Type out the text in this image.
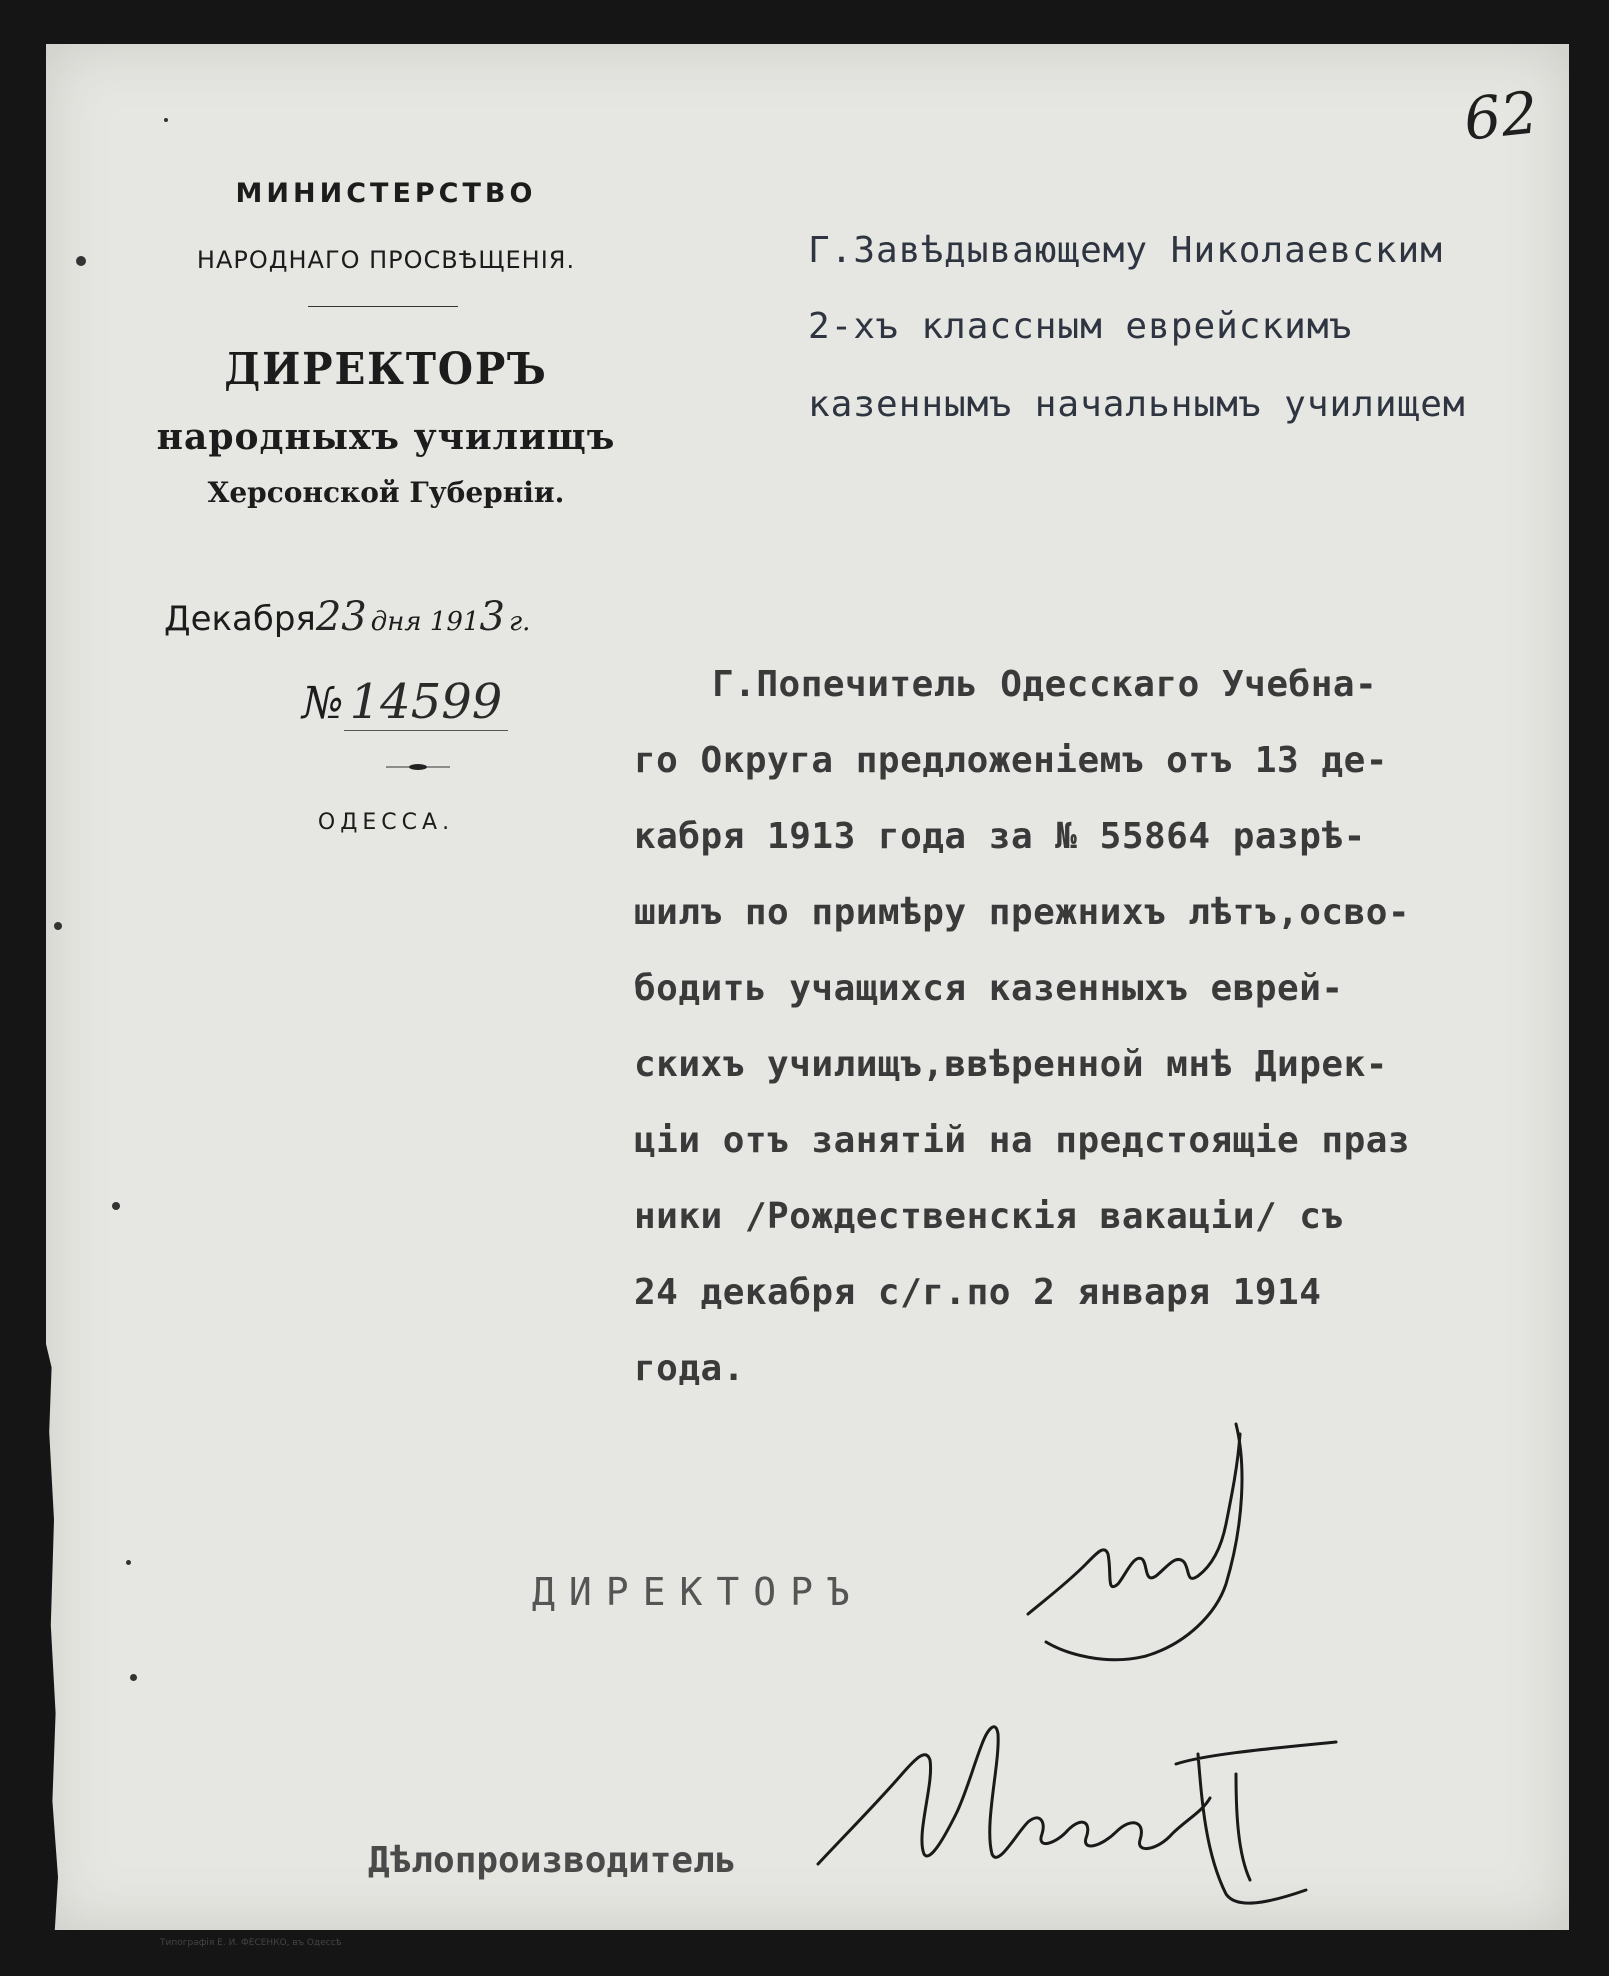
62
МИНИСТЕРСТВО
НАРОДНАГО ПРОСВѢЩЕНІЯ.
ДИРЕКТОРЪ
народныхъ училищъ
Херсонской Губерніи.
Декабря23 дня 1913 г.
№ 14599
ОДЕССА.
Г.Завѣдывающему Николаевским
2-хъ классным еврейскимъ
казеннымъ начальнымъ училищем
Г.Попечитель Одесскаго Учебна-
го Округа предложеніемъ отъ 13 де-
кабря 1913 года за № 55864 разрѣ-
шилъ по примѣру прежнихъ лѣтъ,осво-
бодить учащихся казенныхъ еврей-
скихъ училищъ,ввѣренной мнѣ Дирек-
ціи отъ занятій на предстоящіе праз
ники /Рождественскія вакаціи/ съ
24 декабря с/г.по 2 января 1914
года.
ДИРЕКТОРЪ
Дѣлопроизводитель
Типографія Е. И. ФЕСЕНКО, въ Одессѣ
